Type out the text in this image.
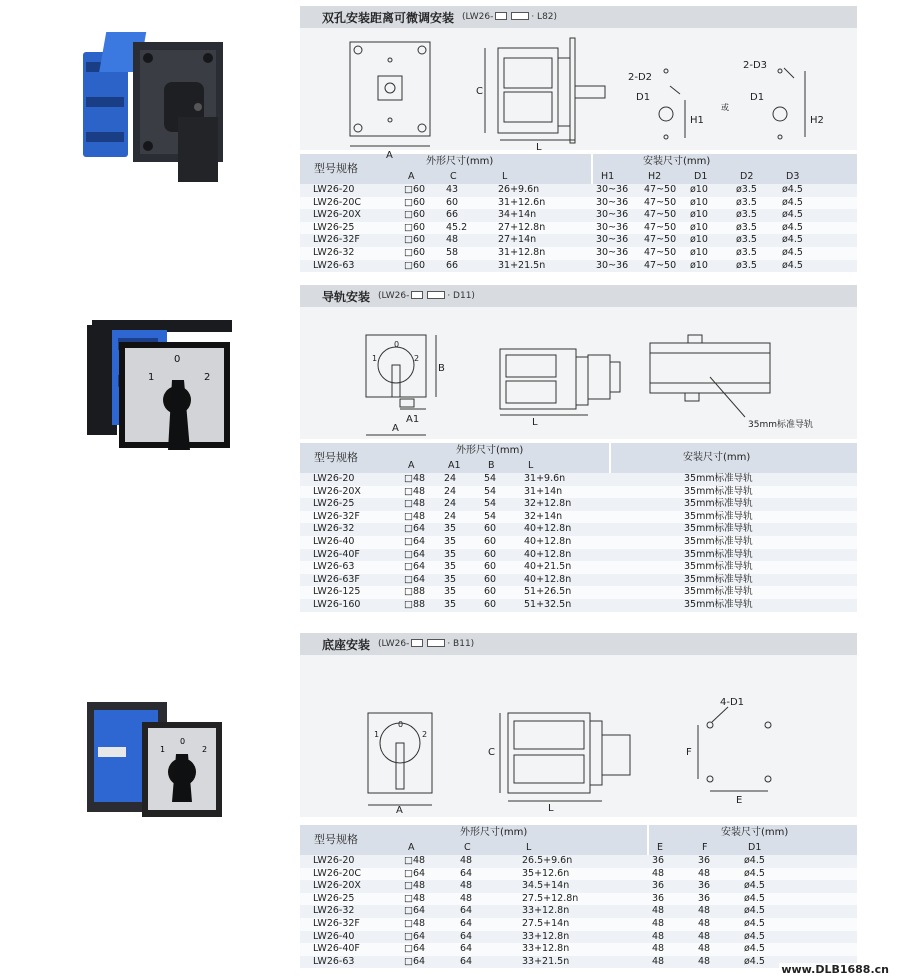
1
0
2
1
0
2
双孔安装距离可微调安装 (LW26-	· L82)
A
C
L
2-D2
D1
H1
或
2-D3
D1
H2
型号规格	外形尺寸(mm)			安装尺寸(mm)				
	A	C	L	H1	H2	D1	D2	D3
LW26-20	□60	43	26+9.6n	30~36	47~50	ø10	ø3.5	ø4.5
LW26-20C	□60	60	31+12.6n	30~36	47~50	ø10	ø3.5	ø4.5
LW26-20X	□60	66	34+14n	30~36	47~50	ø10	ø3.5	ø4.5
LW26-25	□60	45.2	27+12.8n	30~36	47~50	ø10	ø3.5	ø4.5
LW26-32F	□60	48	27+14n	30~36	47~50	ø10	ø3.5	ø4.5
LW26-32	□60	58	31+12.8n	30~36	47~50	ø10	ø3.5	ø4.5
LW26-63	□60	66	31+21.5n	30~36	47~50	ø10	ø3.5	ø4.5
导轨安装 (LW26-	· D11)
1
0
2
B
A1
A
L	35mm标准导轨
型号规格	外形尺寸(mm)				安装尺寸(mm)
	A	A1	B	L	
LW26-20	□48	24	54	31+9.6n	35mm标准导轨
LW26-20X	□48	24	54	31+14n	35mm标准导轨
LW26-25	□48	24	54	32+12.8n	35mm标准导轨
LW26-32F	□48	24	54	32+14n	35mm标准导轨
LW26-32	□64	35	60	40+12.8n	35mm标准导轨
LW26-40	□64	35	60	40+12.8n	35mm标准导轨
LW26-40F	□64	35	60	40+12.8n	35mm标准导轨
LW26-63	□64	35	60	40+21.5n	35mm标准导轨
LW26-63F	□64	35	60	40+12.8n	35mm标准导轨
LW26-125	□88	35	60	51+26.5n	35mm标准导轨
LW26-160	□88	35	60	51+32.5n	35mm标准导轨
底座安装 (LW26-	· B11)
1
0
2
A
C
L
4-D1
F
E
型号规格	外形尺寸(mm)			安装尺寸(mm)		
	A	C	L	E	F	D1
LW26-20	□48	48	26.5+9.6n	36	36	ø4.5
LW26-20C	□64	64	35+12.6n	48	48	ø4.5
LW26-20X	□48	48	34.5+14n	36	36	ø4.5
LW26-25	□48	48	27.5+12.8n	36	36	ø4.5
LW26-32	□64	64	33+12.8n	48	48	ø4.5
LW26-32F	□48	64	27.5+14n	48	48	ø4.5
LW26-40	□64	64	33+12.8n	48	48	ø4.5
LW26-40F	□64	64	33+12.8n	48	48	ø4.5
LW26-63	□64	64	33+21.5n	48	48	ø4.5
www.DLB1688.cn
